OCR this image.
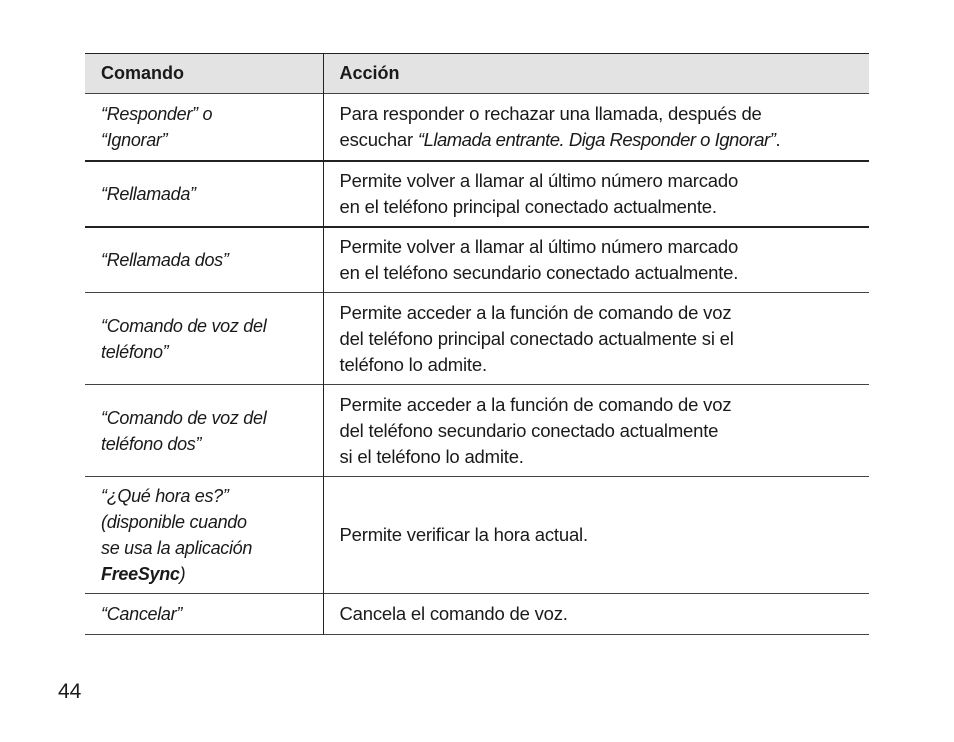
Comando	Acción

“Responder” o
“Ignorar”	Para responder o rechazar una llamada, después de
escuchar “Llamada entrante. Diga Responder o Ignorar”.

“Rellamada”	Permite volver a llamar al último número marcado
en el teléfono principal conectado actualmente.

“Rellamada dos”	Permite volver a llamar al último número marcado
en el teléfono secundario conectado actualmente.

“Comando de voz del
teléfono”	Permite acceder a la función de comando de voz
del teléfono principal conectado actualmente si el
teléfono lo admite.

“Comando de voz del
teléfono dos”	Permite acceder a la función de comando de voz
del teléfono secundario conectado actualmente
si el teléfono lo admite.

“¿Qué hora es?”
(disponible cuando
se usa la aplicación
FreeSync)	Permite verificar la hora actual.

“Cancelar”	Cancela el comando de voz.
44
